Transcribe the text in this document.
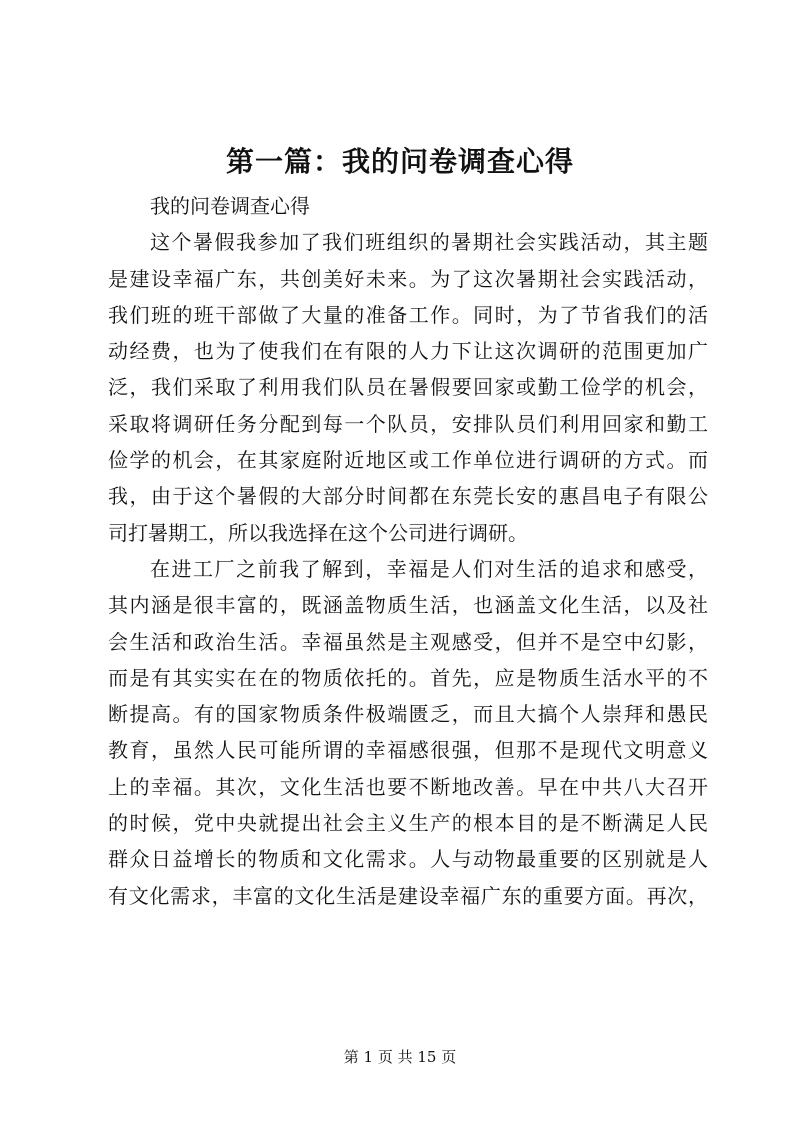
第一篇：我的问卷调查心得
我的问卷调查心得
这个暑假我参加了我们班组织的暑期社会实践活动，其主题
是建设幸福广东，共创美好未来。为了这次暑期社会实践活动，
我们班的班干部做了大量的准备工作。同时，为了节省我们的活
动经费，也为了使我们在有限的人力下让这次调研的范围更加广
泛，我们采取了利用我们队员在暑假要回家或勤工俭学的机会，
采取将调研任务分配到每一个队员，安排队员们利用回家和勤工
俭学的机会，在其家庭附近地区或工作单位进行调研的方式。而
我，由于这个暑假的大部分时间都在东莞长安的惠昌电子有限公
司打暑期工，所以我选择在这个公司进行调研。
在进工厂之前我了解到，幸福是人们对生活的追求和感受，
其内涵是很丰富的，既涵盖物质生活，也涵盖文化生活，以及社
会生活和政治生活。幸福虽然是主观感受，但并不是空中幻影，
而是有其实实在在的物质依托的。首先，应是物质生活水平的不
断提高。有的国家物质条件极端匮乏，而且大搞个人崇拜和愚民
教育，虽然人民可能所谓的幸福感很强，但那不是现代文明意义
上的幸福。其次，文化生活也要不断地改善。早在中共八大召开
的时候，党中央就提出社会主义生产的根本目的是不断满足人民
群众日益增长的物质和文化需求。人与动物最重要的区别就是人
有文化需求，丰富的文化生活是建设幸福广东的重要方面。再次，
第 1 页 共 15 页
